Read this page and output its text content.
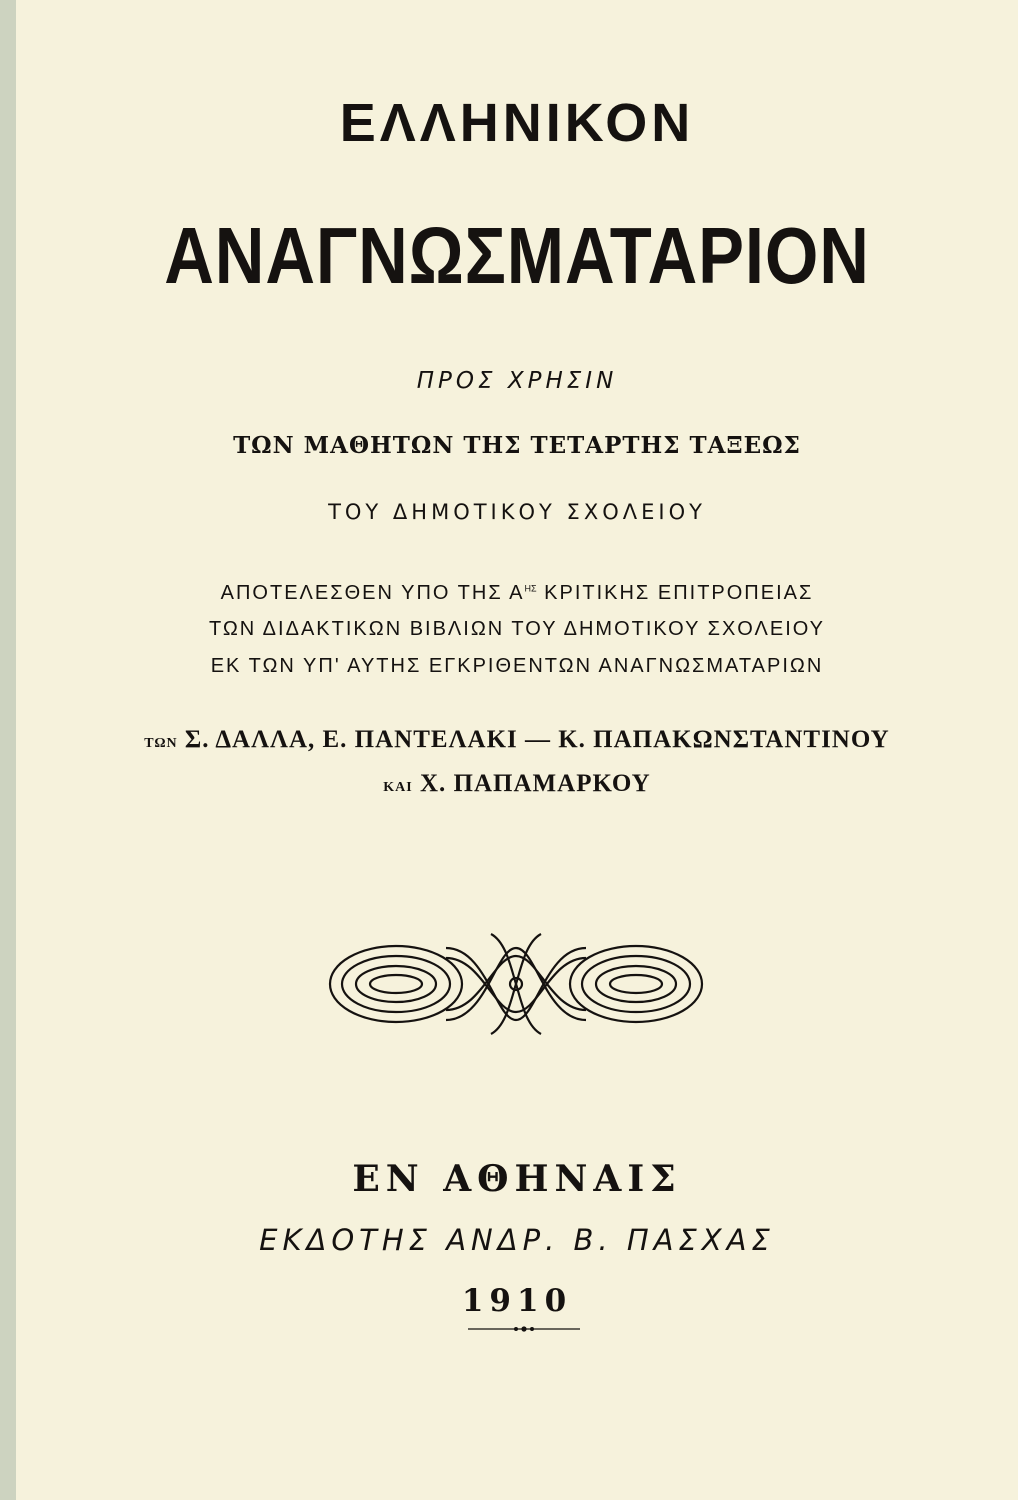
ΕΛΛΗΝΙΚΟΝ
ΑΝΑΓΝΩΣΜΑΤΑΡΙΟΝ
ΠΡΟΣ ΧΡΗΣΙΝ
ΤΩΝ ΜΑΘΗΤΩΝ ΤΗΣ ΤΕΤΑΡΤΗΣ ΤΑΞΕΩΣ
ΤΟΥ ΔΗΜΟΤΙΚΟΥ ΣΧΟΛΕΙΟΥ
ΑΠΟΤΕΛΕΣΘΕΝ ΥΠΟ ΤΗΣ $A^{H\Sigma}$ ΚΡΙΤΙΚΗΣ ΕΠΙΤΡΟΠΕΙΑΣ
ΤΩΝ ΔΙΔΑΚΤΙΚΩΝ ΒΙΒΛΙΩΝ ΤΟΥ ΔΗΜΟΤΙΚΟΥ ΣΧΟΛΕΙΟΥ
ΕΚ ΤΩΝ ΥΠ' ΑΥΤΗΣ ΕΓΚΡΙΘΕΝΤΩΝ ΑΝΑΓΝΩΣΜΑΤΑΡΙΩΝ
ΤΩΝ Σ. ΔΑΛΛΑ, Ε. ΠΑΝΤΕΛΑΚΙ — Κ. ΠΑΠΑΚΩΝΣΤΑΝΤΙΝΟΥ
ΚΑΙ Χ. ΠΑΠΑΜΑΡΚΟΥ
ΕΝ ΑΘΗΝΑΙΣ
ΕΚΔΟΤΗΣ ΑΝΔΡ. Β. ΠΑΣΧΑΣ
1910
